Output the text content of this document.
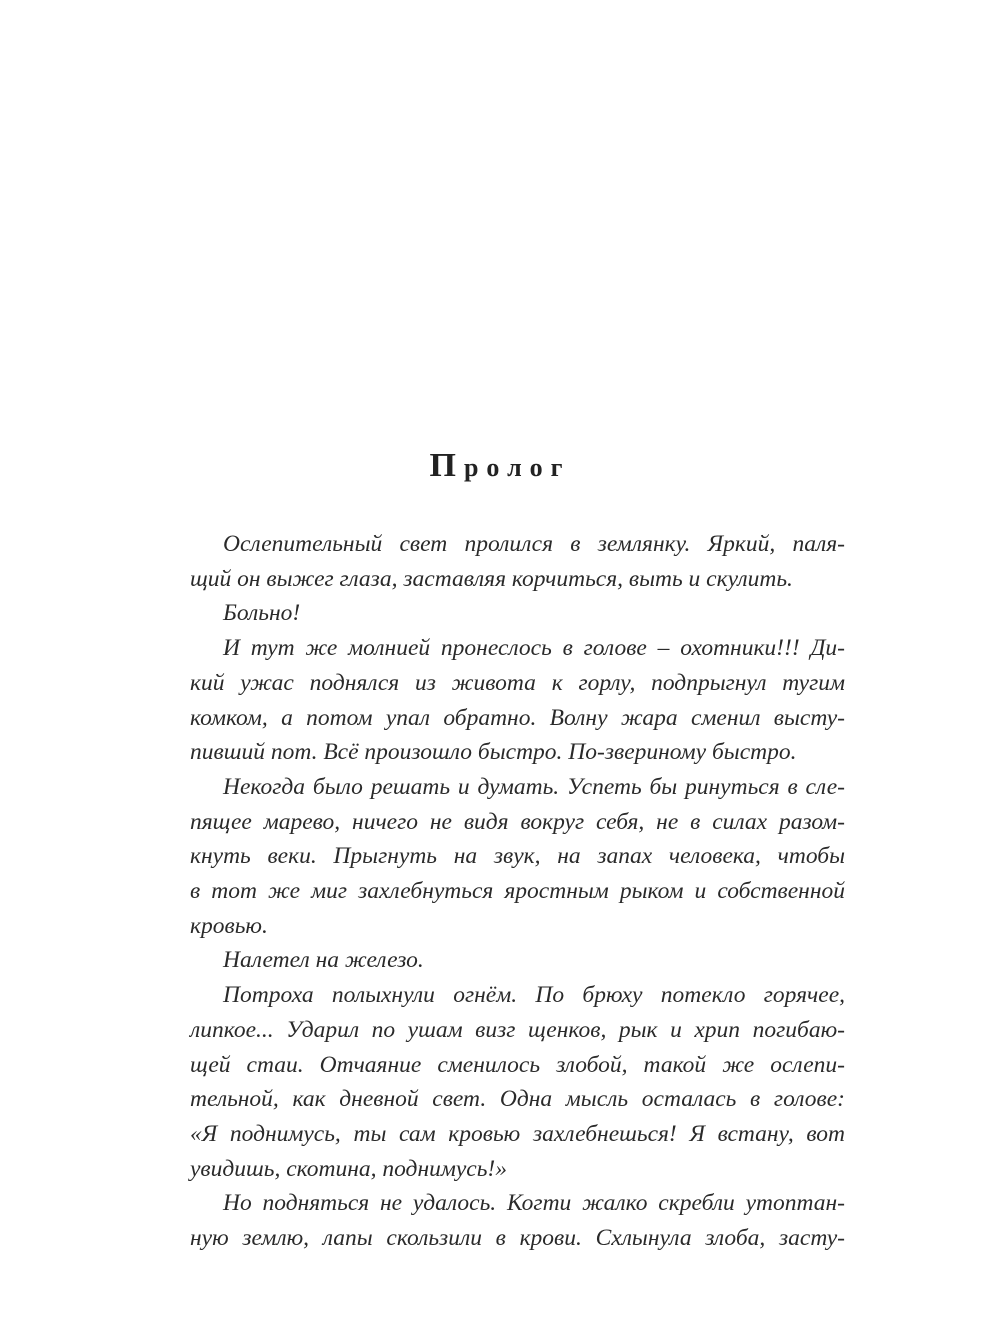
Пролог

Ослепительный свет пролился в землянку. Яркий, паля-
щий он выжег глаза, заставляя корчиться, выть и скулить.

Больно!

И тут же молнией пронеслось в голове – охотники!!! Ди-
кий ужас поднялся из живота к горлу, подпрыгнул тугим
комком, а потом упал обратно. Волну жара сменил высту-
пивший пот. Всё произошло быстро. По-звериному быстро.

Некогда было решать и думать. Успеть бы ринуться в сле-
пящее марево, ничего не видя вокруг себя, не в силах разом-
кнуть веки. Прыгнуть на звук, на запах человека, чтобы
в тот же миг захлебнуться яростным рыком и собственной
кровью.

Налетел на железо.

Потроха полыхнули огнём. По брюху потекло горячее,
липкое... Ударил по ушам визг щенков, рык и хрип погибаю-
щей стаи. Отчаяние сменилось злобой, такой же ослепи-
тельной, как дневной свет. Одна мысль осталась в голове:
«Я поднимусь, ты сам кровью захлебнешься! Я встану, вот
увидишь, скотина, поднимусь!»

Но подняться не удалось. Когти жалко скребли утоптан-
ную землю, лапы скользили в крови. Схлынула злоба, засту-
